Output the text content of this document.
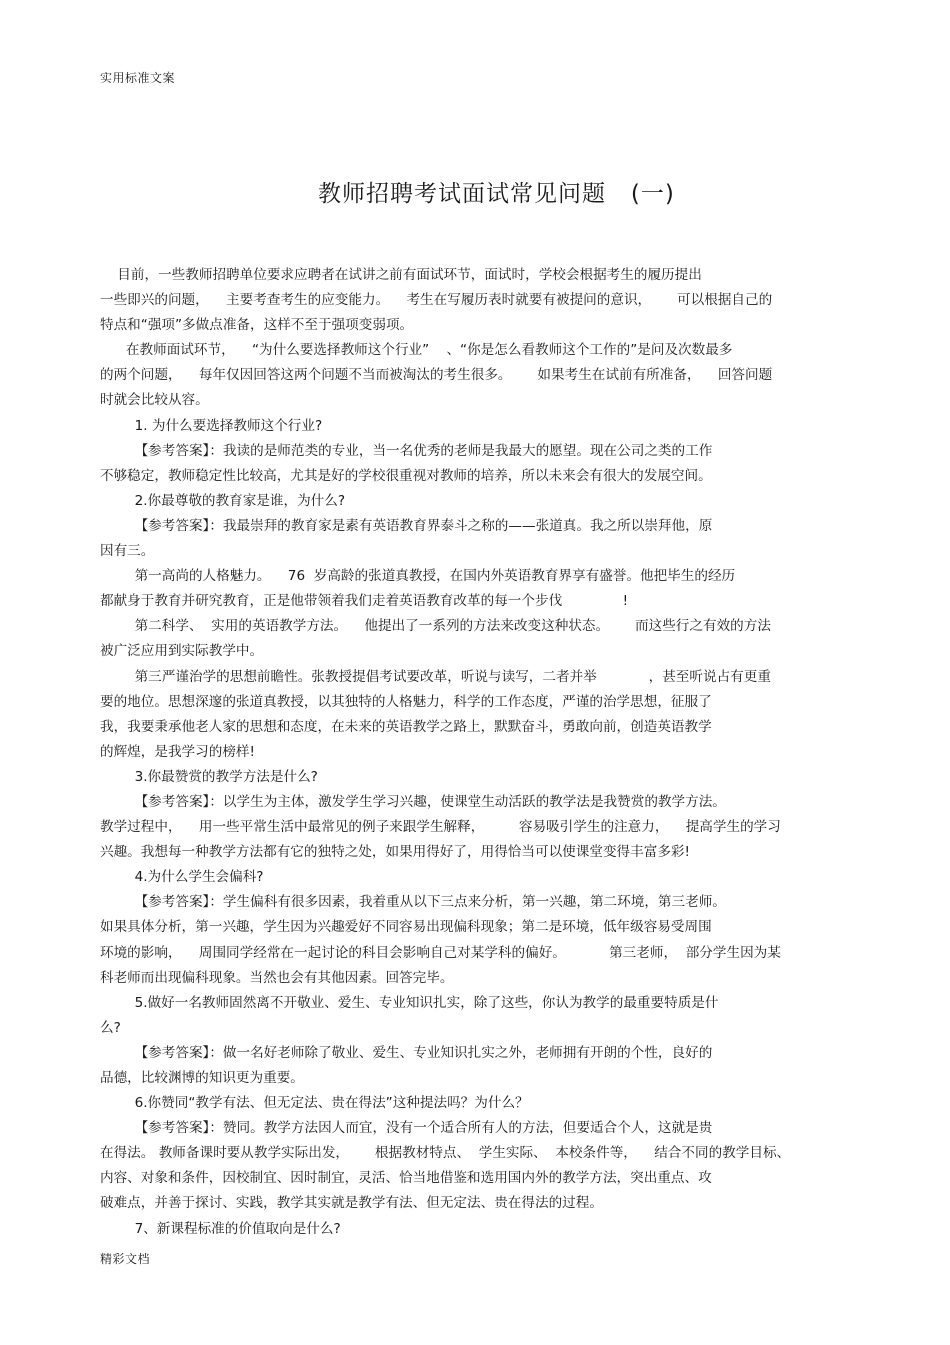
实用标准文案
教师招聘考试面试常见问题   (一)
目前，一些教师招聘单位要求应聘者在试讲之前有面试环节，面试时，学校会根据考生的履历提出
一些即兴的问题，    主要考查考生的应变能力。    考生在写履历表时就要有被提问的意识，      可以根据自己的
特点和“强项”多做点准备，这样不至于强项变弱项。
在教师面试环节，    “为什么要选择教师这个行业”    、“你是怎么看教师这个工作的”是问及次数最多
的两个问题，    每年仅因回答这两个问题不当而被淘汰的考生很多。      如果考生在试前有所准备，    回答问题
时就会比较从容。
1. 为什么要选择教师这个行业?
【参考答案】：我读的是师范类的专业，当一名优秀的老师是我最大的愿望。现在公司之类的工作
不够稳定，教师稳定性比较高，尤其是好的学校很重视对教师的培养，所以未来会有很大的发展空间。
2.你最尊敬的教育家是谁，为什么?
【参考答案】：我最崇拜的教育家是素有英语教育界泰斗之称的——张道真。我之所以崇拜他，原
因有三。
第一高尚的人格魅力。    76  岁高龄的张道真教授，在国内外英语教育界享有盛誉。他把毕生的经历
都献身于教育并研究教育，正是他带领着我们走着英语教育改革的每一个步伐              !
第二科学、  实用的英语教学方法。    他提出了一系列的方法来改变这种状态。      而这些行之有效的方法
被广泛应用到实际教学中。
第三严谨治学的思想前瞻性。张教授提倡考试要改革，听说与读写，二者并举            ，甚至听说占有更重
要的地位。思想深邃的张道真教授，以其独特的人格魅力，科学的工作态度，严谨的治学思想，征服了
我，我要秉承他老人家的思想和态度，在未来的英语教学之路上，默默奋斗，勇敢向前，创造英语教学
的辉煌，是我学习的榜样!
3.你最赞赏的教学方法是什么?
【参考答案】：以学生为主体，激发学生学习兴趣，使课堂生动活跃的教学法是我赞赏的教学方法。
教学过程中，    用一些平常生活中最常见的例子来跟学生解释，        容易吸引学生的注意力，    提高学生的学习
兴趣。我想每一种教学方法都有它的独特之处，如果用得好了，用得恰当可以使课堂变得丰富多彩!
4.为什么学生会偏科?
【参考答案】：学生偏科有很多因素，我着重从以下三点来分析，第一兴趣，第二环境，第三老师。
如果具体分析，第一兴趣，学生因为兴趣爱好不同容易出现偏科现象；第二是环境，低年级容易受周围
环境的影响，    周围同学经常在一起讨论的科目会影响自己对某学科的偏好。          第三老师，  部分学生因为某
科老师而出现偏科现象。当然也会有其他因素。回答完毕。
5.做好一名教师固然离不开敬业、爱生、专业知识扎实，除了这些，你认为教学的最重要特质是什
么?
【参考答案】：做一名好老师除了敬业、爱生、专业知识扎实之外，老师拥有开朗的个性，良好的
品德，比较渊博的知识更为重要。
6.你赞同“教学有法、但无定法、贵在得法”这种提法吗？为什么？
【参考答案】：赞同。教学方法因人而宜，没有一个适合所有人的方法，但要适合个人，这就是贵
在得法。 教师备课时要从教学实际出发，      根据教材特点、  学生实际、  本校条件等，    结合不同的教学目标、
内容、对象和条件，因校制宜、因时制宜，灵活、恰当地借鉴和选用国内外的教学方法，突出重点、攻
破难点，并善于探讨、实践，教学其实就是教学有法、但无定法、贵在得法的过程。
7、新课程标准的价值取向是什么?
精彩文档
